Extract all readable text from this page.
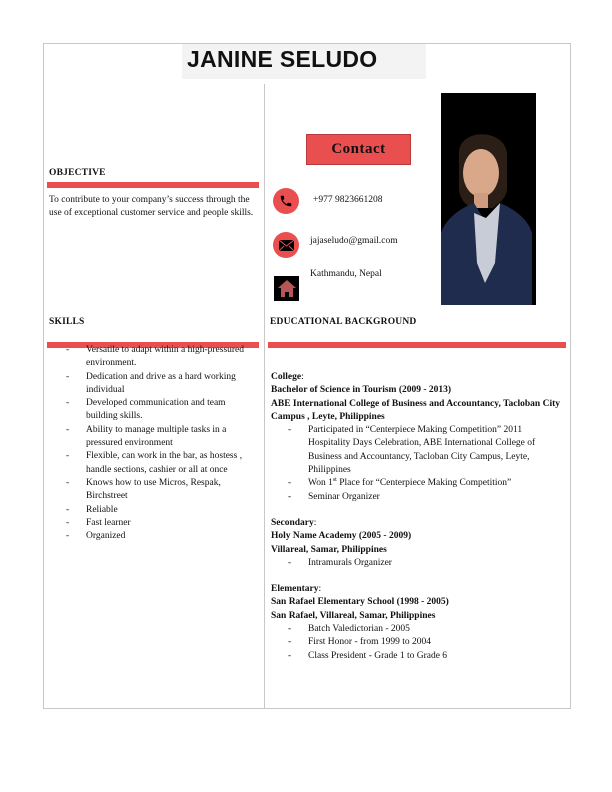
JANINE SELUDO
OBJECTIVE
To contribute to your company’s success through the use of exceptional customer service and people skills.
Contact
+977 9823661208
jajaseludo@gmail.com
Kathmandu, Nepal
SKILLS	EDUCATIONAL BACKGROUND
- Versatile to adapt within a high-pressured environment.
- Dedication and drive as a hard working individual
- Developed communication and team building skills.
- Ability to manage multiple tasks in a pressured environment
- Flexible, can work in the bar, as hostess , handle sections, cashier or all at once
- Knows how to use Micros, Respak, Birchstreet
- Reliable
- Fast learner
- Organized
College:
Bachelor of Science in Tourism (2009 - 2013)
ABE International College of Business and Accountancy, Tacloban City Campus , Leyte, Philippines
- Participated in “Centerpiece Making Competition” 2011 Hospitality Days Celebration, ABE International College of Business and Accountancy, Tacloban City Campus, Leyte, Philippines
- Won 1st Place for “Centerpiece Making Competition”
- Seminar Organizer
Secondary:
Holy Name Academy (2005 - 2009)
Villareal, Samar, Philippines
- Intramurals Organizer
Elementary:
San Rafael Elementary School (1998 - 2005)
San Rafael, Villareal, Samar, Philippines
- Batch Valedictorian - 2005
- First Honor - from 1999 to 2004
- Class President - Grade 1 to Grade 6
